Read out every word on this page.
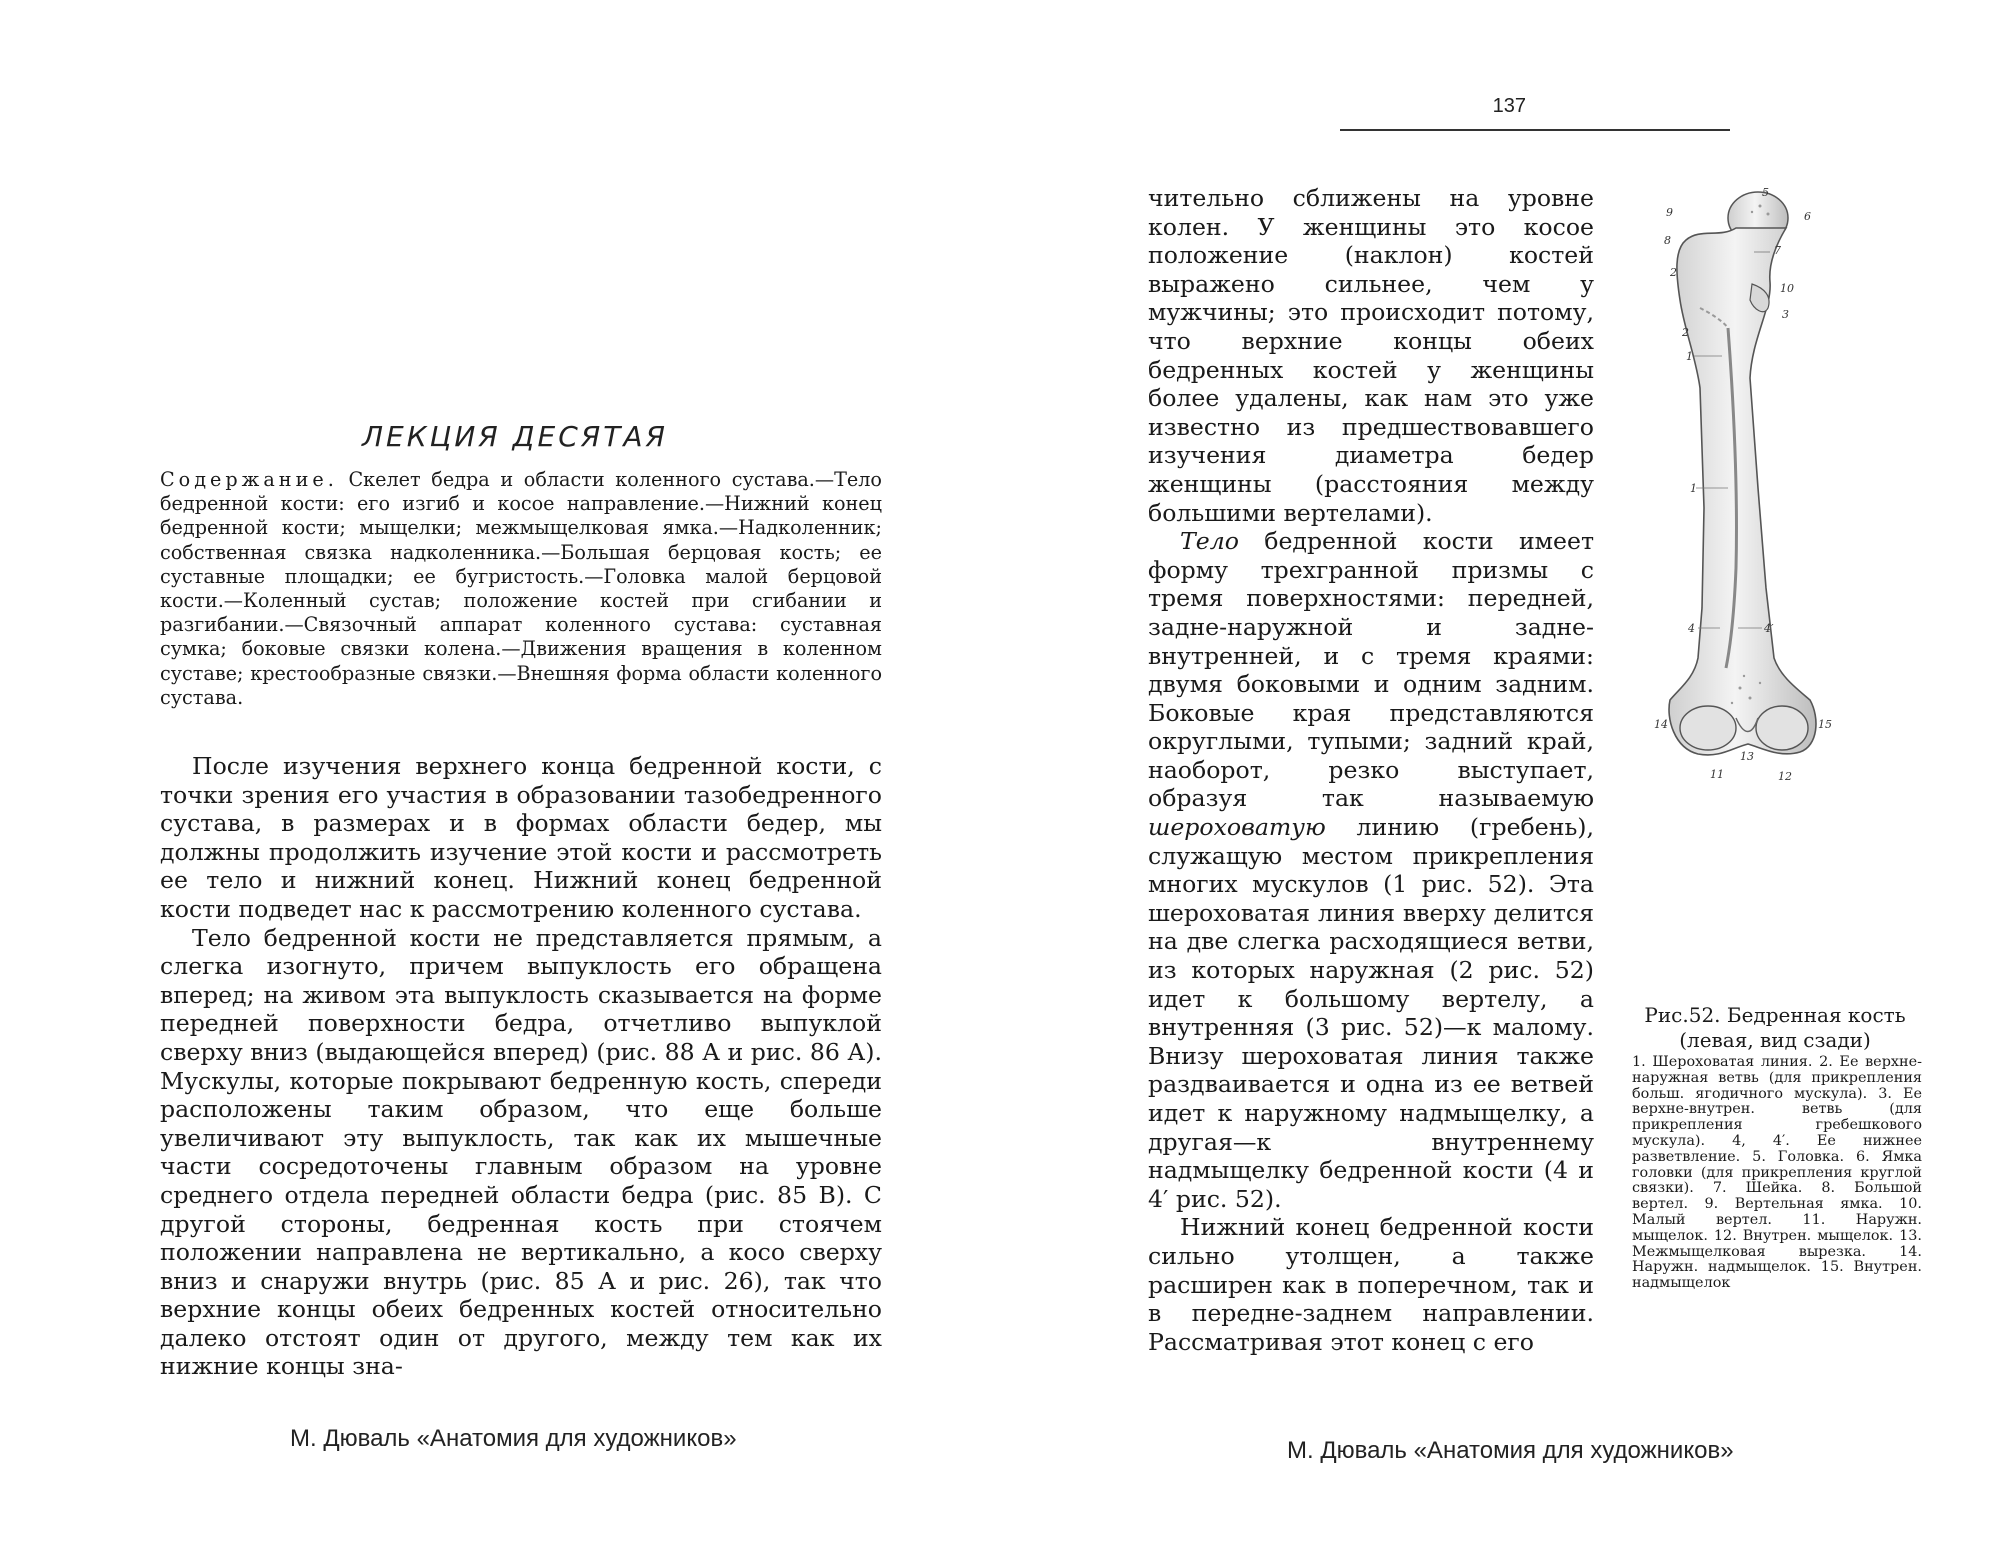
ЛЕКЦИЯ ДЕСЯТАЯ
Содержание. Скелет бедра и области коленного сустава.—Тело бедренной кости: его изгиб и косое направление.—Нижний конец бедренной кости; мыщелки; межмыщелковая ямка.—Надколенник; собственная связка надколенника.—Большая берцовая кость; ее суставные площадки; ее бугристость.—Головка малой берцовой кости.—Коленный сустав; положение костей при сгибании и разгибании.—Связочный аппарат коленного сустава: суставная сумка; боковые связки колена.—Движения вращения в коленном суставе; крестообразные связки.—Внешняя форма области коленного сустава.

После изучения верхнего конца бедренной кости, с точки зрения его участия в образовании тазобедренного сустава, в размерах и в формах области бедер, мы должны продолжить изучение этой кости и рассмотреть ее тело и нижний конец. Нижний конец бедренной кости подведет нас к рассмотрению коленного сустава.

Тело бедренной кости не представляется прямым, а слегка изогнуто, причем выпуклость его обращена вперед; на живом эта выпуклость сказывается на форме передней поверхности бедра, отчетливо выпуклой сверху вниз (выдающейся вперед) (рис. 88 А и рис. 86 А). Мускулы, которые покрывают бедренную кость, спереди расположены таким образом, что еще больше увеличивают эту выпуклость, так как их мышечные части сосредоточены главным образом на уровне среднего отдела передней области бедра (рис. 85 В). С другой стороны, бедренная кость при стоячем положении направлена не вертикально, а косо сверху вниз и снаружи внутрь (рис. 85 А и рис. 26), так что верхние концы обеих бедренных костей относительно далеко отстоят один от другого, между тем как их нижние концы зна-

М. Дюваль «Анатомия для художников»
137

чительно сближены на уровне колен. У женщины это косое положение (наклон) костей выражено сильнее, чем у мужчины; это происходит потому, что верхние концы обеих бедренных костей у женщины более удалены, как нам это уже известно из предшествовавшего изучения диаметра бедер женщины (расстояния между большими вертелами).

Тело бедренной кости имеет форму трехгранной призмы с тремя поверхностями: передней, задне-наружной и задне-внутренней, и с тремя краями: двумя боковыми и одним задним. Боковые края представляются округлыми, тупыми; задний край, наоборот, резко выступает, образуя так называемую шероховатую линию (гребень), служащую местом прикрепления многих мускулов (1 рис. 52). Эта шероховатая линия вверху делится на две слегка расходящиеся ветви, из которых наружная (2 рис. 52) идет к большому вертелу, а внутренняя (3 рис. 52)—к малому. Внизу шероховатая линия также раздваивается и одна из ее ветвей идет к наружному надмыщелку, а другая—к внутреннему надмыщелку бедренной кости (4 и 4′ рис. 52).

Нижний конец бедренной кости сильно утолщен, а также расширен как в поперечном, так и в передне-заднем направлении. Рассматривая этот конец с его

5
6
9
8
7
2
10
2
3
1
1
4	4′
14	15
13
11	12
Рис.52. Бедренная кость (левая, вид сзади)
1. Шероховатая линия. 2. Ее верхне-наружная ветвь (для прикрепления больш. ягодичного мускула). 3. Ее верхне-внутрен. ветвь (для прикрепления гребешкового мускула). 4, 4′. Ее нижнее разветвление. 5. Головка. 6. Ямка головки (для прикрепления круглой связки). 7. Шейка. 8. Большой вертел. 9. Вертельная ямка. 10. Малый вертел. 11. Наружн. мыщелок. 12. Внутрен. мыщелок. 13. Межмыщелковая вырезка. 14. Наружн. надмыщелок. 15. Внутрен. надмыщелок
М. Дюваль «Анатомия для художников»
